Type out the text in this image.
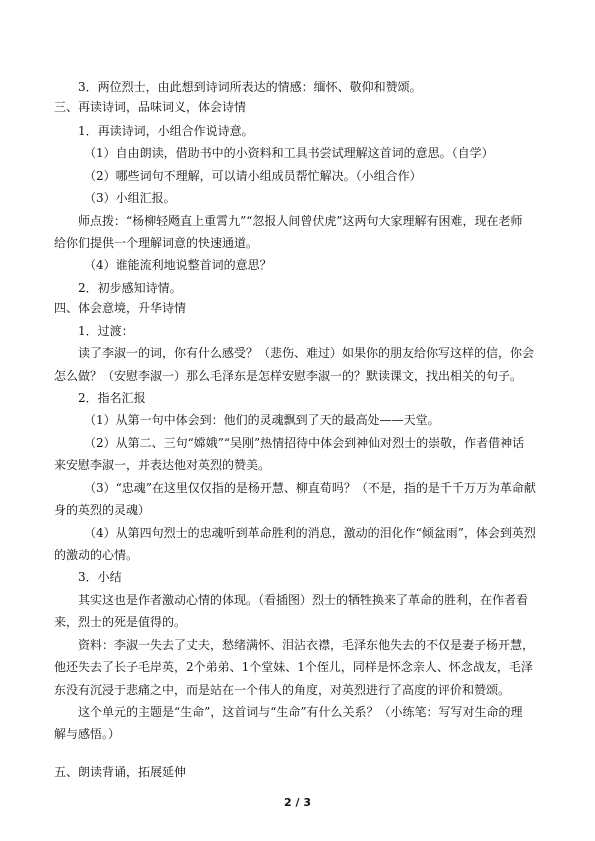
3．两位烈士，由此想到诗词所表达的情感：缅怀、敬仰和赞颂。
三、再读诗词，品味词义，体会诗情
1．再读诗词，小组合作说诗意。
（1）自由朗读，借助书中的小资料和工具书尝试理解这首词的意思。（自学）
（2）哪些词句不理解，可以请小组成员帮忙解决。（小组合作）
（3）小组汇报。
师点拨：“杨柳轻飏直上重霄九”“忽报人间曾伏虎”这两句大家理解有困难，现在老师
给你们提供一个理解词意的快速通道。
（4）谁能流利地说整首词的意思？
2．初步感知诗情。
四、体会意境，升华诗情
1．过渡：
读了李淑一的词，你有什么感受？（悲伤、难过）如果你的朋友给你写这样的信，你会
怎么做？（安慰李淑一）那么毛泽东是怎样安慰李淑一的？默读课文，找出相关的句子。
2．指名汇报
（1）从第一句中体会到：他们的灵魂飘到了天的最高处——天堂。
（2）从第二、三句“嫦娥”“吴刚”热情招待中体会到神仙对烈士的崇敬，作者借神话
来安慰李淑一，并表达他对英烈的赞美。
（3）“忠魂”在这里仅仅指的是杨开慧、柳直荀吗？（不是，指的是千千万万为革命献
身的英烈的灵魂）
（4）从第四句烈士的忠魂听到革命胜利的消息，激动的泪化作“倾盆雨”，体会到英烈
的激动的心情。
3．小结
其实这也是作者激动心情的体现。（看插图）烈士的牺牲换来了革命的胜利，在作者看
来，烈士的死是值得的。
资料：李淑一失去了丈夫，愁绪满怀、泪沾衣襟，毛泽东他失去的不仅是妻子杨开慧，
他还失去了长子毛岸英，2个弟弟、1个堂妹、1个侄儿，同样是怀念亲人、怀念战友，毛泽
东没有沉浸于悲痛之中，而是站在一个伟人的角度，对英烈进行了高度的评价和赞颂。
这个单元的主题是“生命”，这首词与“生命”有什么关系？（小练笔：写写对生命的理
解与感悟。）
五、朗读背诵，拓展延伸
2 / 3
